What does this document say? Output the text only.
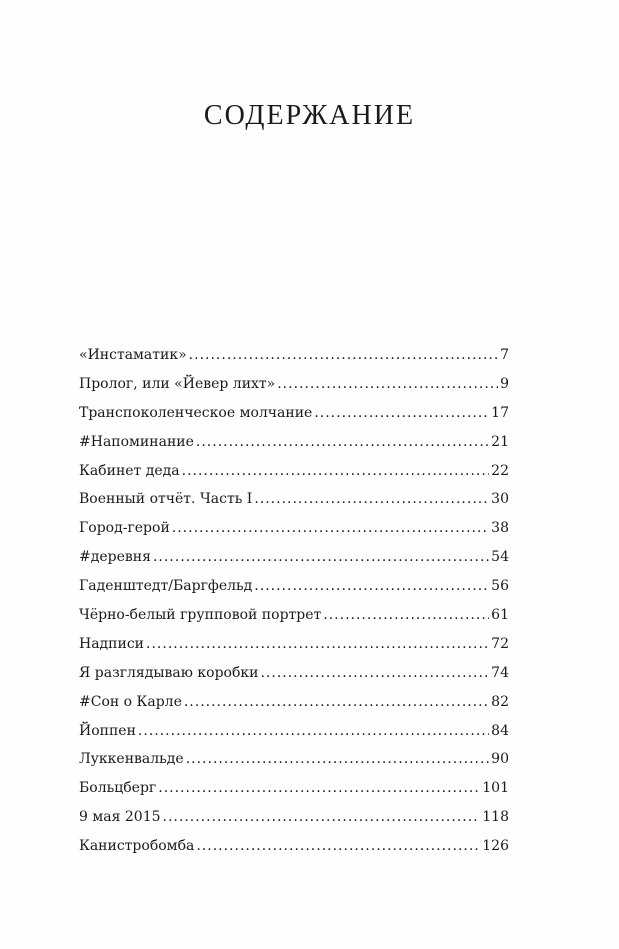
СОДЕРЖАНИЕ
«Инстаматик» .....	7
Пролог, или «Йевер лихт» .....	9
Транспоколенческое молчание .....	17
#Напоминание .....	21
Кабинет деда .....	22
Военный отчёт. Часть I .....	30
Город-герой .....	38
#деревня .....	54
Гаденштедт/Баргфельд .....	56
Чёрно-белый групповой портрет .....	61
Надписи .....	72
Я разглядываю коробки .....	74
#Сон о Карле .....	82
Йоппен .....	84
Луккенвальде .....	90
Больцберг .....	101
9 мая 2015 .....	118
Канистробомба .....	126
